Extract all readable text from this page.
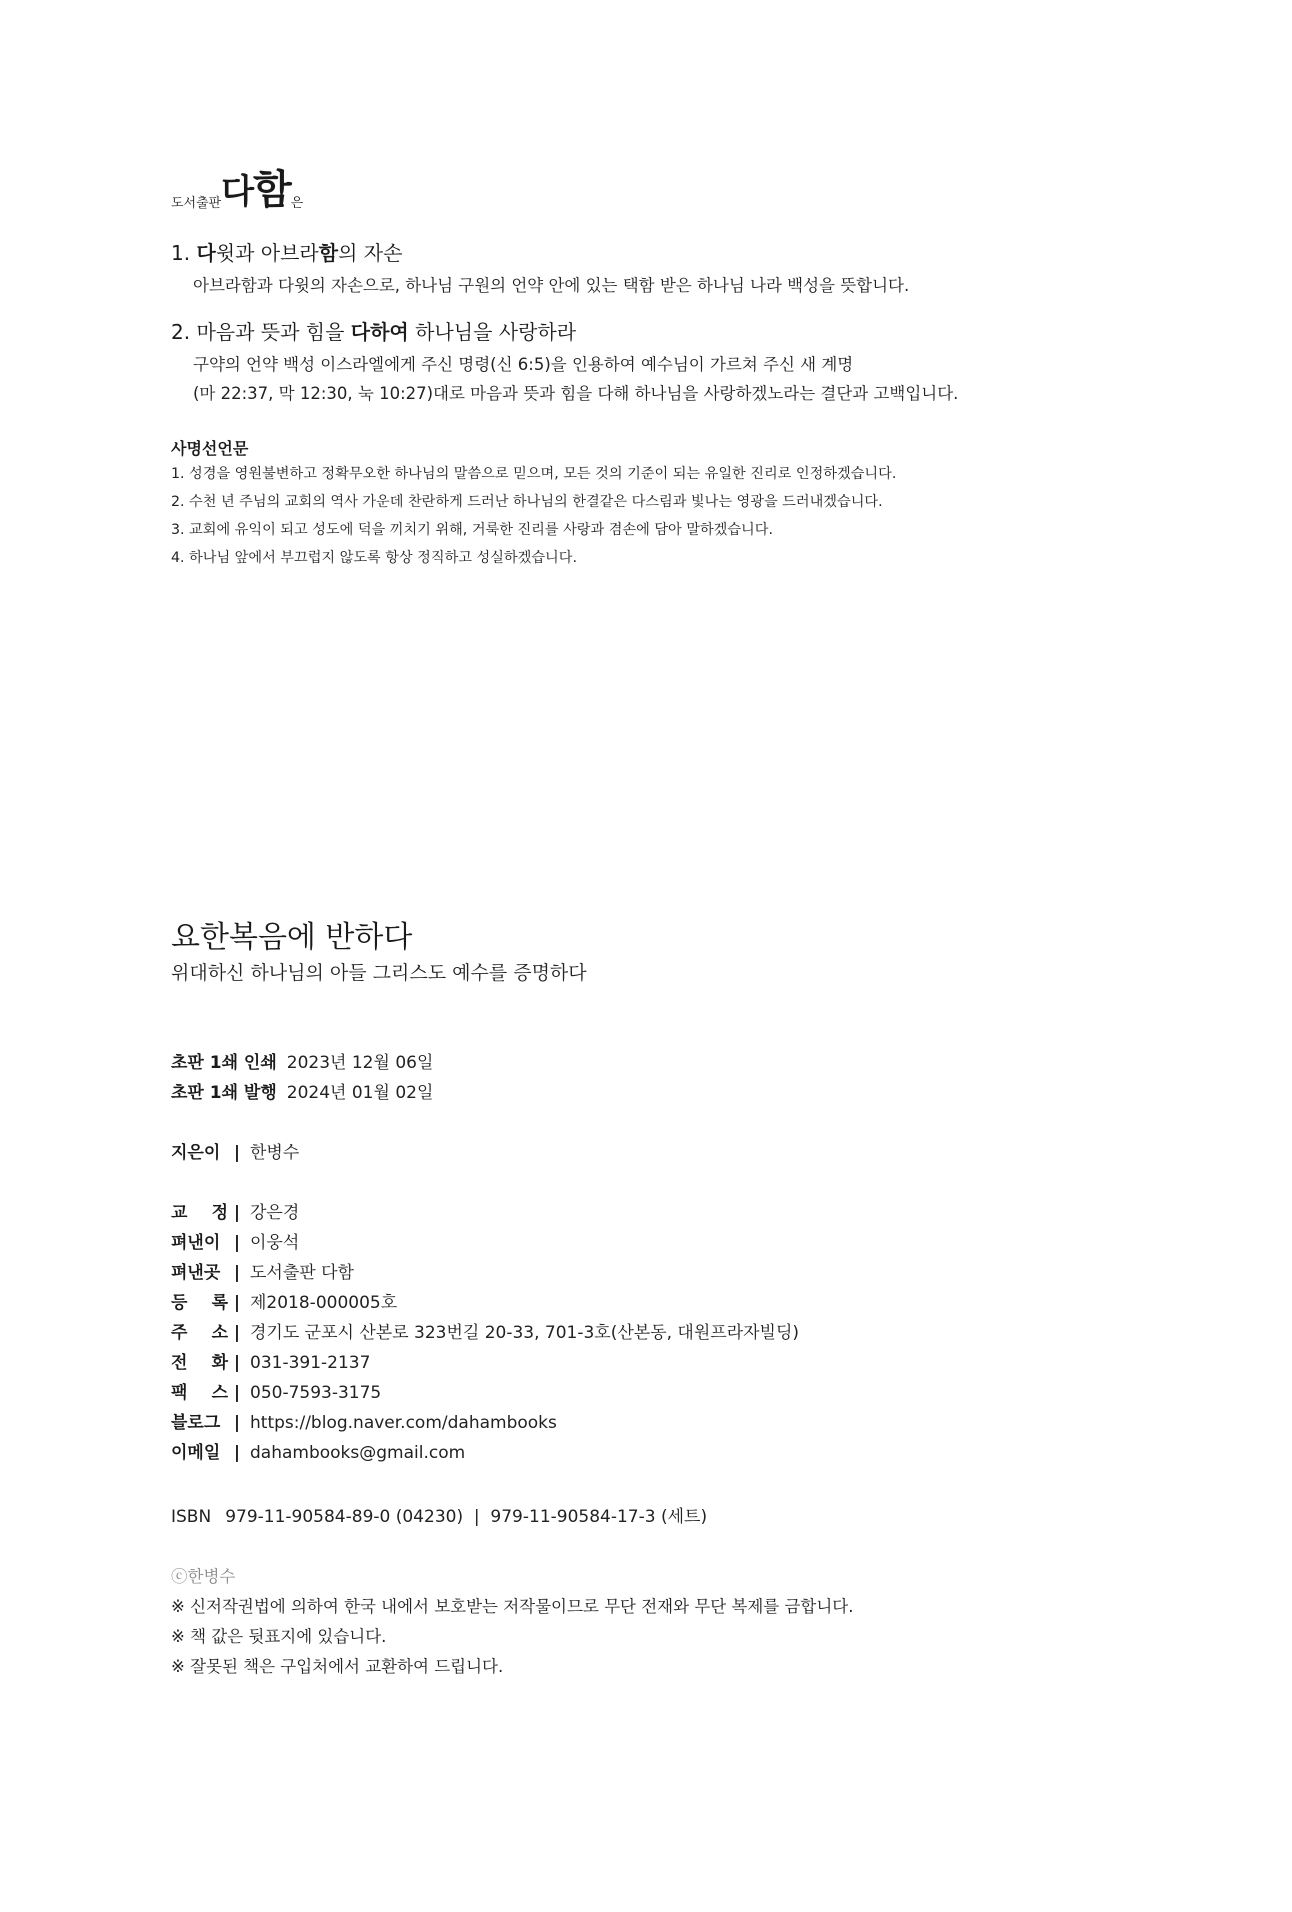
도서출판다함은
1. 다윗과 아브라함의 자손
아브라함과 다윗의 자손으로, 하나님 구원의 언약 안에 있는 택함 받은 하나님 나라 백성을 뜻합니다.
2. 마음과 뜻과 힘을 다하여 하나님을 사랑하라
구약의 언약 백성 이스라엘에게 주신 명령(신 6:5)을 인용하여 예수님이 가르쳐 주신 새 계명
(마 22:37, 막 12:30, 눅 10:27)대로 마음과 뜻과 힘을 다해 하나님을 사랑하겠노라는 결단과 고백입니다.
사명선언문
1. 성경을 영원불변하고 정확무오한 하나님의 말씀으로 믿으며, 모든 것의 기준이 되는 유일한 진리로 인정하겠습니다.
2. 수천 년 주님의 교회의 역사 가운데 찬란하게 드러난 하나님의 한결같은 다스림과 빛나는 영광을 드러내겠습니다.
3. 교회에 유익이 되고 성도에 덕을 끼치기 위해, 거룩한 진리를 사랑과 겸손에 담아 말하겠습니다.
4. 하나님 앞에서 부끄럽지 않도록 항상 정직하고 성실하겠습니다.
요한복음에 반하다
위대하신 하나님의 아들 그리스도 예수를 증명하다
초판 1쇄 인쇄 2023년 12월 06일
초판 1쇄 발행 2024년 01월 02일
지은이 | 한병수
교 정 | 강은경
펴낸이 | 이웅석
펴낸곳 | 도서출판 다함
등 록 | 제2018-000005호
주 소 | 경기도 군포시 산본로 323번길 20-33, 701-3호(산본동, 대원프라자빌딩)
전 화 | 031-391-2137
팩 스 | 050-7593-3175
블로그 | https://blog.naver.com/dahambooks
이메일 | dahambooks@gmail.com
ISBN 979-11-90584-89-0 (04230)  |  979-11-90584-17-3 (세트)
ⓒ한병수
※ 신저작권법에 의하여 한국 내에서 보호받는 저작물이므로 무단 전재와 무단 복제를 금합니다.
※ 책 값은 뒷표지에 있습니다.
※ 잘못된 책은 구입처에서 교환하여 드립니다.
